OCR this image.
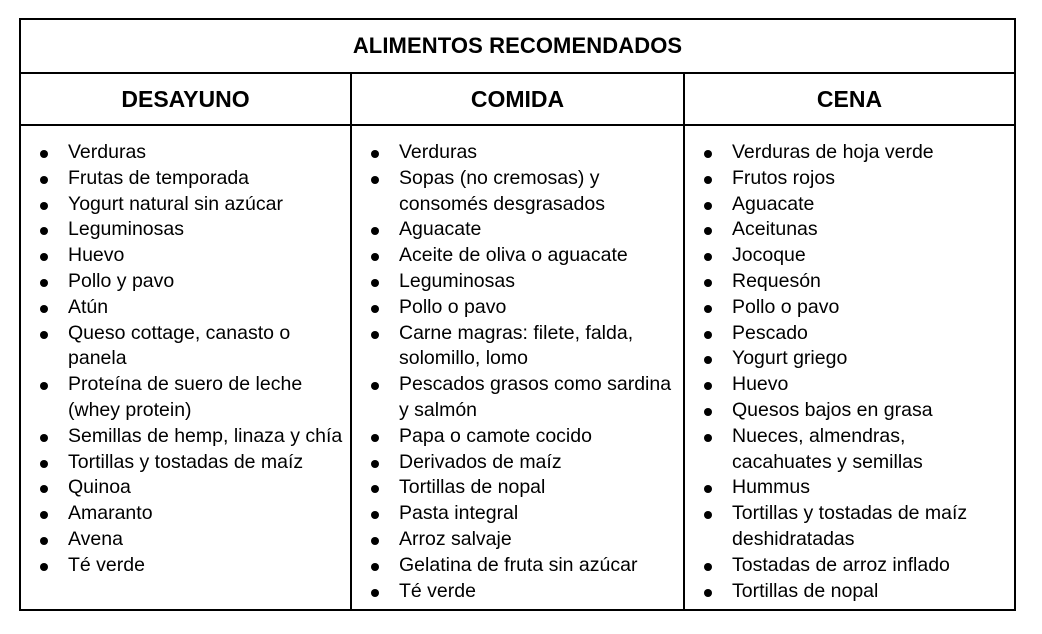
ALIMENTOS RECOMENDADOS
DESAYUNO
Verduras
Frutas de temporada
Yogurt natural sin azúcar
Leguminosas
Huevo
Pollo y pavo
Atún
Queso cottage, canasto o panela
Proteína de suero de leche (whey protein)
Semillas de hemp, linaza y chía
Tortillas y tostadas de maíz
Quinoa
Amaranto
Avena
Té verde
COMIDA
Verduras
Sopas (no cremosas) y consomés desgrasados
Aguacate
Aceite de oliva o aguacate
Leguminosas
Pollo o pavo
Carne magras: filete, falda, solomillo, lomo
Pescados grasos como sardina y salmón
Papa o camote cocido
Derivados de maíz
Tortillas de nopal
Pasta integral
Arroz salvaje
Gelatina de fruta sin azúcar
Té verde
CENA
Verduras de hoja verde
Frutos rojos
Aguacate
Aceitunas
Jocoque
Requesón
Pollo o pavo
Pescado
Yogurt griego
Huevo
Quesos bajos en grasa
Nueces, almendras, cacahuates y semillas
Hummus
Tortillas y tostadas de maíz deshidratadas
Tostadas de arroz inflado
Tortillas de nopal
